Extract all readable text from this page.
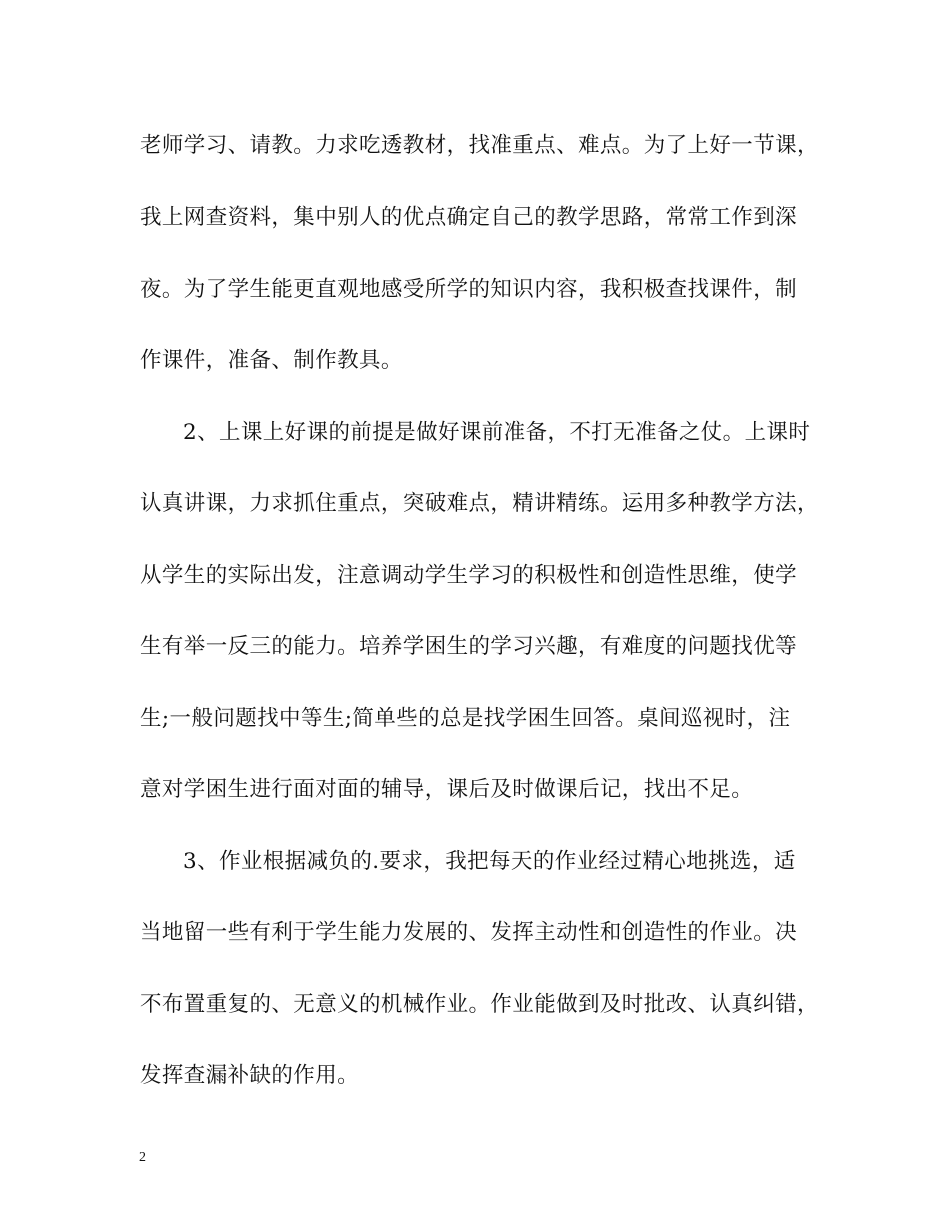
老师学习、请教。力求吃透教材，找准重点、难点。为了上好一节课，
我上网查资料，集中别人的优点确定自己的教学思路，常常工作到深
夜。为了学生能更直观地感受所学的知识内容，我积极查找课件，制
作课件，准备、制作教具。
2、上课上好课的前提是做好课前准备，不打无准备之仗。上课时
认真讲课，力求抓住重点，突破难点，精讲精练。运用多种教学方法，
从学生的实际出发，注意调动学生学习的积极性和创造性思维，使学
生有举一反三的能力。培养学困生的学习兴趣，有难度的问题找优等
生;一般问题找中等生;简单些的总是找学困生回答。桌间巡视时，注
意对学困生进行面对面的辅导，课后及时做课后记，找出不足。
3、作业根据减负的.要求，我把每天的作业经过精心地挑选，适
当地留一些有利于学生能力发展的、发挥主动性和创造性的作业。决
不布置重复的、无意义的机械作业。作业能做到及时批改、认真纠错，
发挥查漏补缺的作用。
2
